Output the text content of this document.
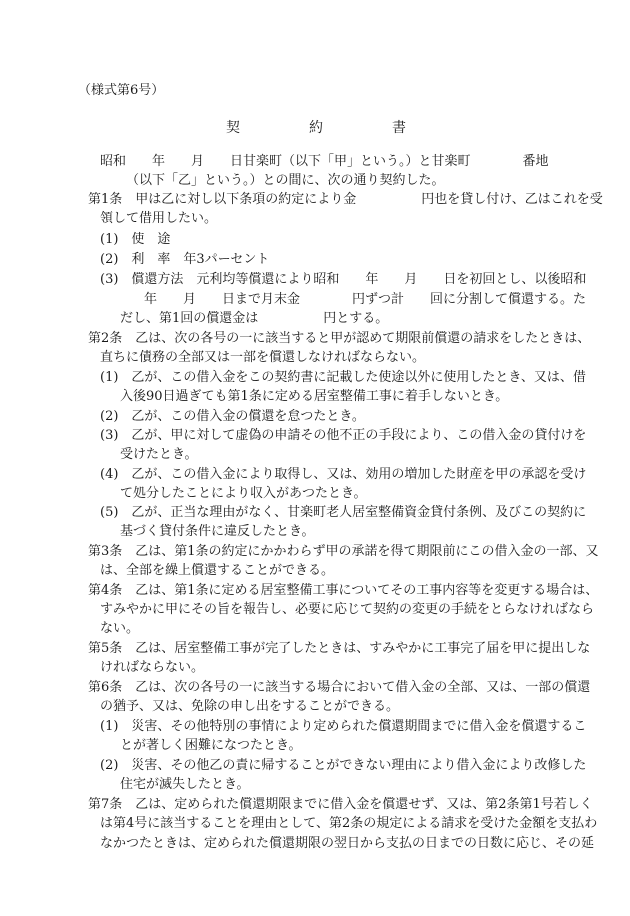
（様式第6号）
契	約	書
昭和　　年　　月　　日甘楽町（以下「甲」という。）と甘楽町　　　　番地
（以下「乙」という。）との間に、次の通り契約した。
第1条　甲は乙に対し以下条項の約定により金　　　　　円也を貸し付け、乙はこれを受
領して借用したい。
(1)　使　途
(2)　利　率　年3パーセント
(3)　償還方法　元利均等償還により昭和　　年　　月　　日を初回とし、以後昭和
年　　月　　日まで月末金　　　　円ずつ計　　回に分割して償還する。た
だし、第1回の償還金は　　　　　円とする。
第2条　乙は、次の各号の一に該当すると甲が認めて期限前償還の請求をしたときは、
直ちに債務の全部又は一部を償還しなければならない。
(1)　乙が、この借入金をこの契約書に記載した使途以外に使用したとき、又は、借
入後90日過ぎても第1条に定める居室整備工事に着手しないとき。
(2)　乙が、この借入金の償還を怠つたとき。
(3)　乙が、甲に対して虚偽の申請その他不正の手段により、この借入金の貸付けを
受けたとき。
(4)　乙が、この借入金により取得し、又は、効用の増加した財産を甲の承認を受け
て処分したことにより収入があつたとき。
(5)　乙が、正当な理由がなく、甘楽町老人居室整備資金貸付条例、及びこの契約に
基づく貸付条件に違反したとき。
第3条　乙は、第1条の約定にかかわらず甲の承諾を得て期限前にこの借入金の一部、又
は、全部を繰上償還することができる。
第4条　乙は、第1条に定める居室整備工事についてその工事内容等を変更する場合は、
すみやかに甲にその旨を報告し、必要に応じて契約の変更の手続をとらなければなら
ない。
第5条　乙は、居室整備工事が完了したときは、すみやかに工事完了届を甲に提出しな
ければならない。
第6条　乙は、次の各号の一に該当する場合において借入金の全部、又は、一部の償還
の猶予、又は、免除の申し出をすることができる。
(1)　災害、その他特別の事情により定められた償還期間までに借入金を償還するこ
とが著しく困難になつたとき。
(2)　災害、その他乙の責に帰することができない理由により借入金により改修した
住宅が滅失したとき。
第7条　乙は、定められた償還期限までに借入金を償還せず、又は、第2条第1号若しく
は第4号に該当することを理由として、第2条の規定による請求を受けた金額を支払わ
なかつたときは、定められた償還期限の翌日から支払の日までの日数に応じ、その延
